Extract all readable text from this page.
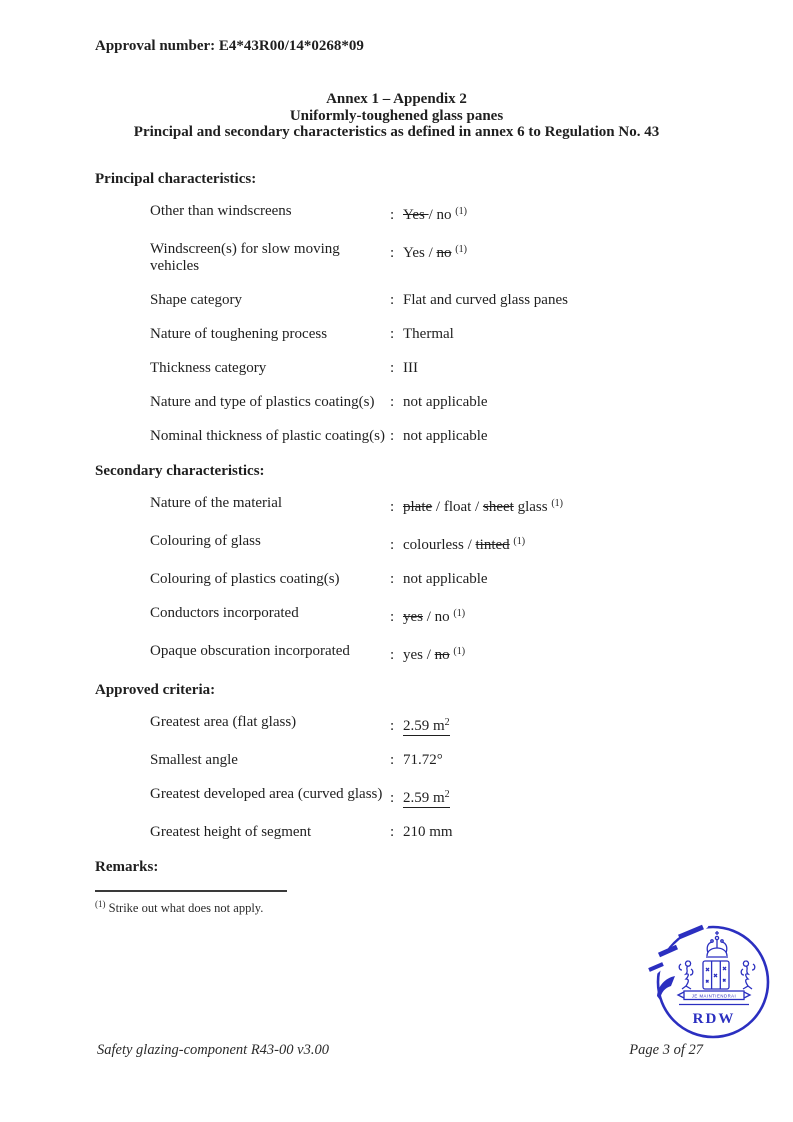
Approval number: E4*43R00/14*0268*09
Annex 1 – Appendix 2
Uniformly-toughened glass panes
Principal and secondary characteristics as defined in annex 6 to Regulation No. 43
Principal characteristics:
Other than windscreens	: Yes / no $^{(1)}$
Windscreen(s) for slow moving
vehicles
: Yes / no $^{(1)}$
Shape category	: Flat and curved glass panes
Nature of toughening process	: Thermal
Thickness category	: III
Nature and type of plastics coating(s)	: not applicable
Nominal thickness of plastic coating(s) : not applicable
Secondary characteristics:
Nature of the material	: plate / float / sheet glass $^{(1)}$
Colouring of glass	: colourless / tinted $^{(1)}$
Colouring of plastics coating(s)	: not applicable
Conductors incorporated	: yes / no $^{(1)}$
Opaque obscuration incorporated	: yes / no $^{(1)}$
Approved criteria:
Greatest area (flat glass)	: 2.59 $m^2$
Smallest angle	: 71.72°
Greatest developed area (curved glass) : 2.59 $m^2$
Greatest height of segment	: 210 mm
Remarks:
$^{(1)}$ Strike out what does not apply.
JE MAINTIENDRAI
RDW
Safety glazing-component R43-00 v3.00	Page 3 of 27
